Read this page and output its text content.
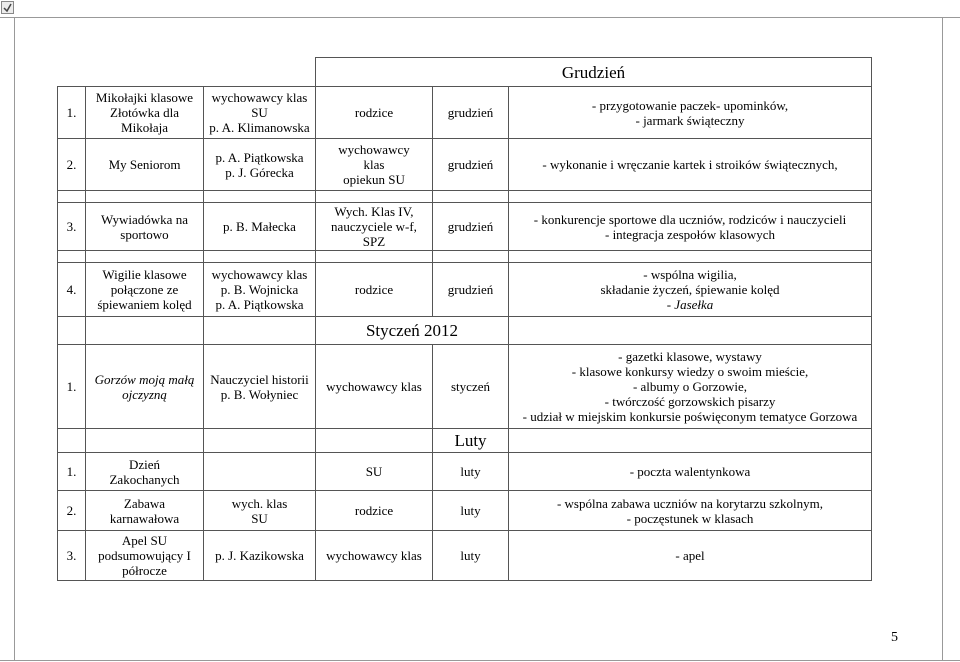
			Grudzień		
1.	Mikołajki klasowe
Złotówka dla
Mikołaja	wychowawcy klas
SU
p. A. Klimanowska	rodzice	grudzień	- przygotowanie paczek- upominków,
- jarmark świąteczny
2.	My Seniorom	p. A. Piątkowska
p. J. Górecka	wychowawcy
klas
opiekun SU	grudzień	- wykonanie i wręczanie kartek i stroików świątecznych,

3.	Wywiadówka na
sportowo	p. B. Małecka	Wych. Klas IV,
nauczyciele w-f,
SPZ	grudzień	- konkurencje sportowe dla uczniów, rodziców i nauczycieli
- integracja zespołów klasowych

4.	Wigilie klasowe
połączone ze
śpiewaniem kolęd	wychowawcy klas
p. B. Wojnicka
p. A. Piątkowska	rodzice	grudzień	- wspólna wigilia,
składanie życzeń, śpiewanie kolęd
- Jasełka
			Styczeń 2012		
1.	Gorzów moją małą
ojczyzną	Nauczyciel historii
p. B. Wołyniec	wychowawcy klas	styczeń	- gazetki klasowe, wystawy
- klasowe konkursy wiedzy o swoim mieście,
- albumy o Gorzowie,
- twórczość gorzowskich pisarzy
- udział w miejskim konkursie poświęconym tematyce Gorzowa
				Luty	
1.	Dzień
Zakochanych		SU	luty	- poczta walentynkowa
2.	Zabawa
karnawałowa	wych. klas
SU	rodzice	luty	- wspólna zabawa uczniów na korytarzu szkolnym,
- poczęstunek w klasach
3.	Apel SU
podsumowujący I
półrocze	p. J. Kazikowska	wychowawcy klas	luty	- apel
5
